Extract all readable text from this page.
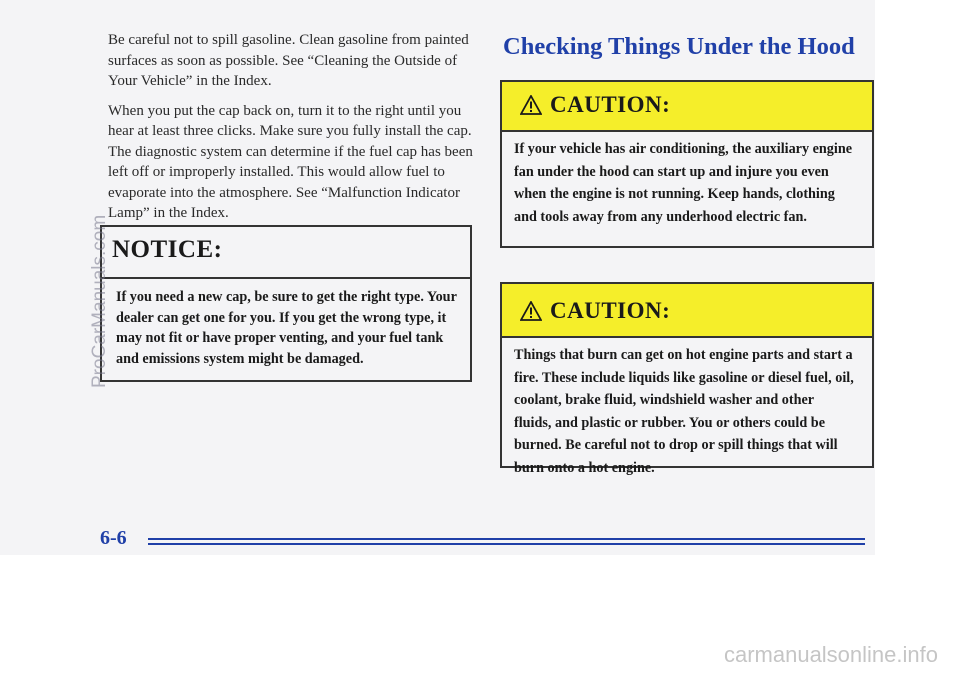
Be careful not to spill gasoline. Clean gasoline from painted surfaces as soon as possible. See “Cleaning the Outside of Your Vehicle” in the Index.

When you put the cap back on, turn it to the right until you hear at least three clicks. Make sure you fully install the cap. The diagnostic system can determine if the fuel cap has been left off or improperly installed. This would allow fuel to evaporate into the atmosphere. See “Malfunction Indicator Lamp” in the Index.

NOTICE:
If you need a new cap, be sure to get the right type. Your dealer can get one for you. If you get the wrong type, it may not fit or have proper venting, and your fuel tank and emissions system might be damaged.
Checking Things Under the Hood
CAUTION:
If your vehicle has air conditioning, the auxiliary engine fan under the hood can start up and injure you even when the engine is not running. Keep hands, clothing and tools away from any underhood electric fan.
CAUTION:
Things that burn can get on hot engine parts and start a fire. These include liquids like gasoline or diesel fuel, oil, coolant, brake fluid, windshield washer and other fluids, and plastic or rubber. You or others could be burned. Be careful not to drop or spill things that will burn onto a hot engine.
6-6
ProCarManuals.com
carmanualsonline.info
